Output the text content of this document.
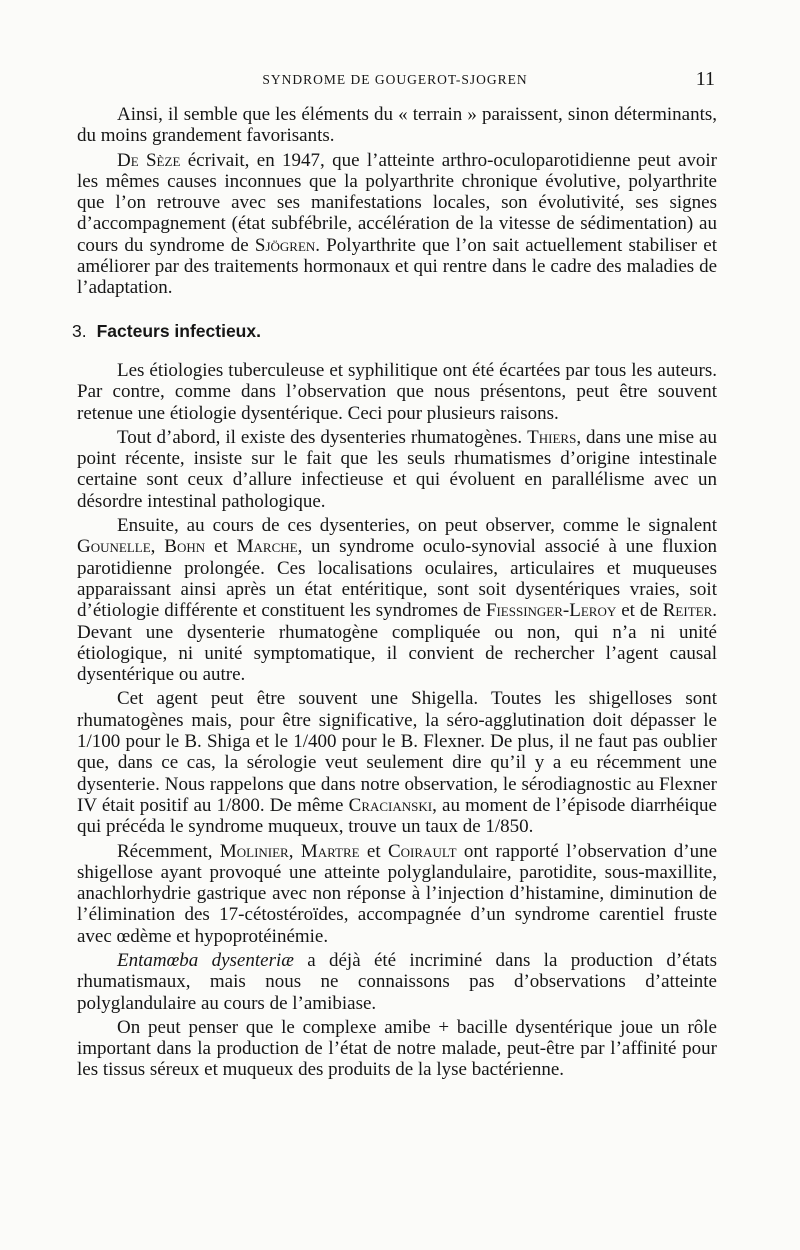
SYNDROME DE GOUGEROT-SJOGREN	11

Ainsi, il semble que les éléments du « terrain » paraissent, sinon déterminants, du moins grandement favorisants.

De Sèze écrivait, en 1947, que l’atteinte arthro-oculoparotidienne peut avoir les mêmes causes inconnues que la polyarthrite chronique évolutive, polyarthrite que l’on retrouve avec ses manifestations locales, son évolutivité, ses signes d’accompagnement (état subfébrile, accélération de la vitesse de sédimentation) au cours du syndrome de Sjögren. Polyarthrite que l’on sait actuellement stabiliser et améliorer par des traitements hormonaux et qui rentre dans le cadre des maladies de l’adaptation.

3. Facteurs infectieux.

Les étiologies tuberculeuse et syphilitique ont été écartées par tous les auteurs. Par contre, comme dans l’observation que nous présentons, peut être souvent retenue une étiologie dysentérique. Ceci pour plusieurs raisons.

Tout d’abord, il existe des dysenteries rhumatogènes. Thiers, dans une mise au point récente, insiste sur le fait que les seuls rhumatismes d’origine intestinale certaine sont ceux d’allure infectieuse et qui évoluent en parallélisme avec un désordre intestinal pathologique.

Ensuite, au cours de ces dysenteries, on peut observer, comme le signalent Gounelle, Bohn et Marche, un syndrome oculo-synovial associé à une fluxion parotidienne prolongée. Ces localisations oculaires, articulaires et muqueuses apparaissant ainsi après un état entéritique, sont soit dysentériques vraies, soit d’étiologie différente et constituent les syndromes de Fiessinger-Leroy et de Reiter. Devant une dysenterie rhumatogène compliquée ou non, qui n’a ni unité étiologique, ni unité symptomatique, il convient de rechercher l’agent causal dysentérique ou autre.

Cet agent peut être souvent une Shigella. Toutes les shigelloses sont rhumatogènes mais, pour être significative, la séro-agglutination doit dépasser le 1/100 pour le B. Shiga et le 1/400 pour le B. Flexner. De plus, il ne faut pas oublier que, dans ce cas, la sérologie veut seulement dire qu’il y a eu récemment une dysenterie. Nous rappelons que dans notre observation, le sérodiagnostic au Flexner IV était positif au 1/800. De même Cracianski, au moment de l’épisode diarrhéique qui précéda le syndrome muqueux, trouve un taux de 1/850.

Récemment, Molinier, Martre et Coirault ont rapporté l’observation d’une shigellose ayant provoqué une atteinte polyglandulaire, parotidite, sous-maxillite, anachlorhydrie gastrique avec non réponse à l’injection d’histamine, diminution de l’élimination des 17-cétostéroïdes, accompagnée d’un syndrome carentiel fruste avec œdème et hypoprotéinémie.

Entamœba dysenteriæ a déjà été incriminé dans la production d’états rhumatismaux, mais nous ne connaissons pas d’observations d’atteinte polyglandulaire au cours de l’amibiase.

On peut penser que le complexe amibe + bacille dysentérique joue un rôle important dans la production de l’état de notre malade, peut-être par l’affinité pour les tissus séreux et muqueux des produits de la lyse bactérienne.
